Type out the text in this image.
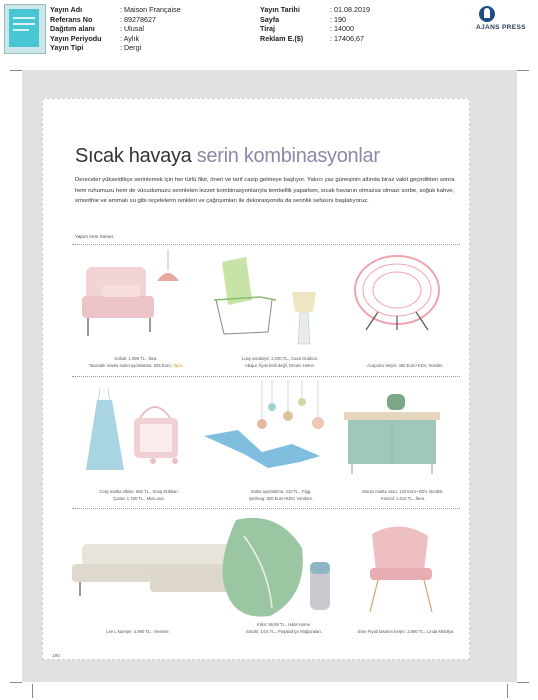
Yayın Adı	: Maison Française
Referans No	: 89278627
Dağıtım alanı	: Ulusal
Yayın Periyodu	: Aylık
Yayın Tipi	: Dergi
Yayın Tarihi	: 01.08.2019
Sayfa	: 190
Tiraj	: 14000
Reklam E.($)	: 17406,67
AJANS PRESS
Sıcak havaya serin kombinasyonlar
Dereceler yükseldikçe serinlemek için her türlü fikir, öneri ve tarif cazip gelmeye başlıyor. Yakıcı yaz güneşinin altında biraz vakit geçirdikten sonra hem ruhumuzu hem de vücudumuzu serinleten lezzet kombinasyonlarıyla tembellik yaparken, sıcak havanın olmazsa olmazı sorbe, soğuk kahve, smoothie ve aromalı su gibi reçetelerin renkleri ve çağrışımları ile dekorasyonda da serinlik sefasını başlatıyoruz.
Yapım İrem Somer.
Koltuk: 1.099 TL., İkea.
Tavanaltı marka sarkıt aydınlatma: 525 Euro, Tajra.
Loay sandalye: 2.330 TL., Casa Outdoor.
Abajur, fiyatı belli değil, Dream Home.	Acapulco berjer: 460 Euro+KDV, Nordist.
Cosy marka elbise: 650 TL., Souq Dükkan.
Çanta: 1.750 TL., Mia'Luna.
Sarkıt aydınlatma: 210 TL., Figg.
Şezlong: 920 Euro+KDV, Vondom.
Muuto marka vazo: 120 Euro+KDV, Nordist.
Konsol: 1.612 TL., İkea.
Lee L kanepe: 4.990 TL., Vivense.
Kilim: 99,99 TL., H&M Home.
Sürahi: 14,6 TL., Paşabahçe Mağazaları.	Eran Fiyati tasarım berjer: 2.880 TL., Linda Mobilya.
190
